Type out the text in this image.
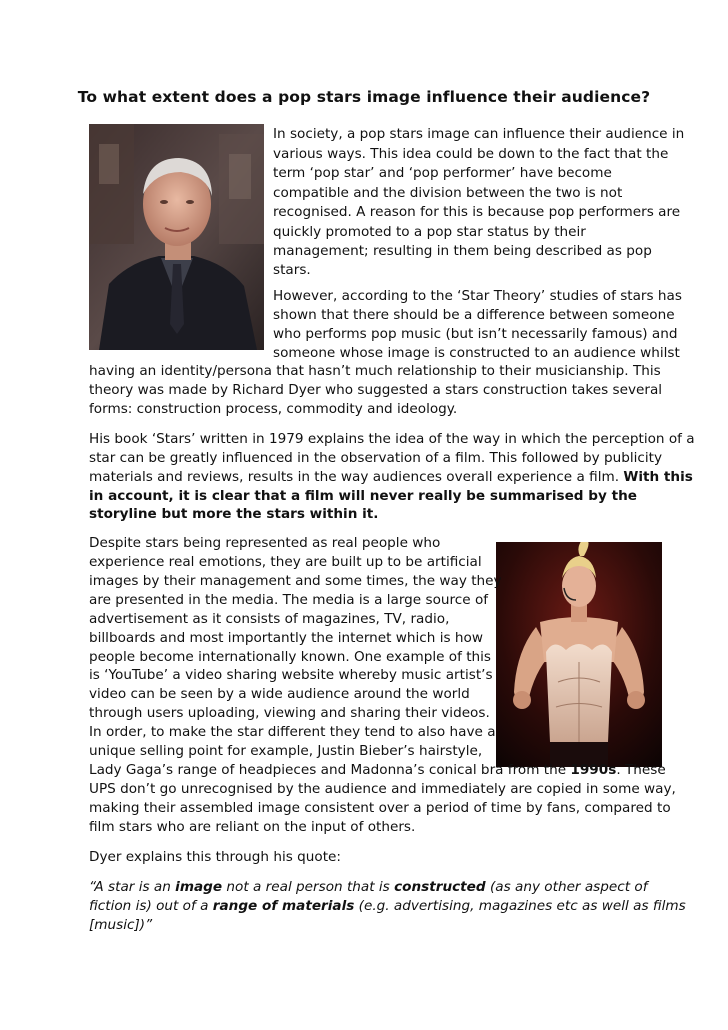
To what extent does a pop stars image influence their audience?
In society, a pop stars image can influence their audience in
various ways. This idea could be down to the fact that the
term ‘pop star’ and ‘pop performer’ have become
compatible and the division between the two is not
recognised. A reason for this is because pop performers are
quickly promoted to a pop star status by their
management; resulting in them being described as pop
stars.
However, according to the ‘Star Theory’ studies of stars has
shown that there should be a difference between someone
who performs pop music (but isn’t necessarily famous) and
someone whose image is constructed to an audience whilst
having an identity/persona that hasn’t much relationship to their musicianship. This
theory was made by Richard Dyer who suggested a stars construction takes several
forms: construction process, commodity and ideology.
His book ‘Stars’ written in 1979 explains the idea of the way in which the perception of a
star can be greatly influenced in the observation of a film. This followed by publicity
materials and reviews, results in the way audiences overall experience a film. With this
in account, it is clear that a film will never really be summarised by the
storyline but more the stars within it.
Despite stars being represented as real people who
experience real emotions, they are built up to be artificial
images by their management and some times, the way they
are presented in the media. The media is a large source of
advertisement as it consists of magazines, TV, radio,
billboards and most importantly the internet which is how
people become internationally known. One example of this
is ‘YouTube’ a video sharing website whereby music artist’s
video can be seen by a wide audience around the world
through users uploading, viewing and sharing their videos.
In order, to make the star different they tend to also have a
unique selling point for example, Justin Bieber’s hairstyle,
Lady Gaga’s range of headpieces and Madonna’s conical bra from the 1990s. These
UPS don’t go unrecognised by the audience and immediately are copied in some way,
making their assembled image consistent over a period of time by fans, compared to
film stars who are reliant on the input of others.
Dyer explains this through his quote:
“A star is an image not a real person that is constructed (as any other aspect of
fiction is) out of a range of materials (e.g. advertising, magazines etc as well as films
[music])”
